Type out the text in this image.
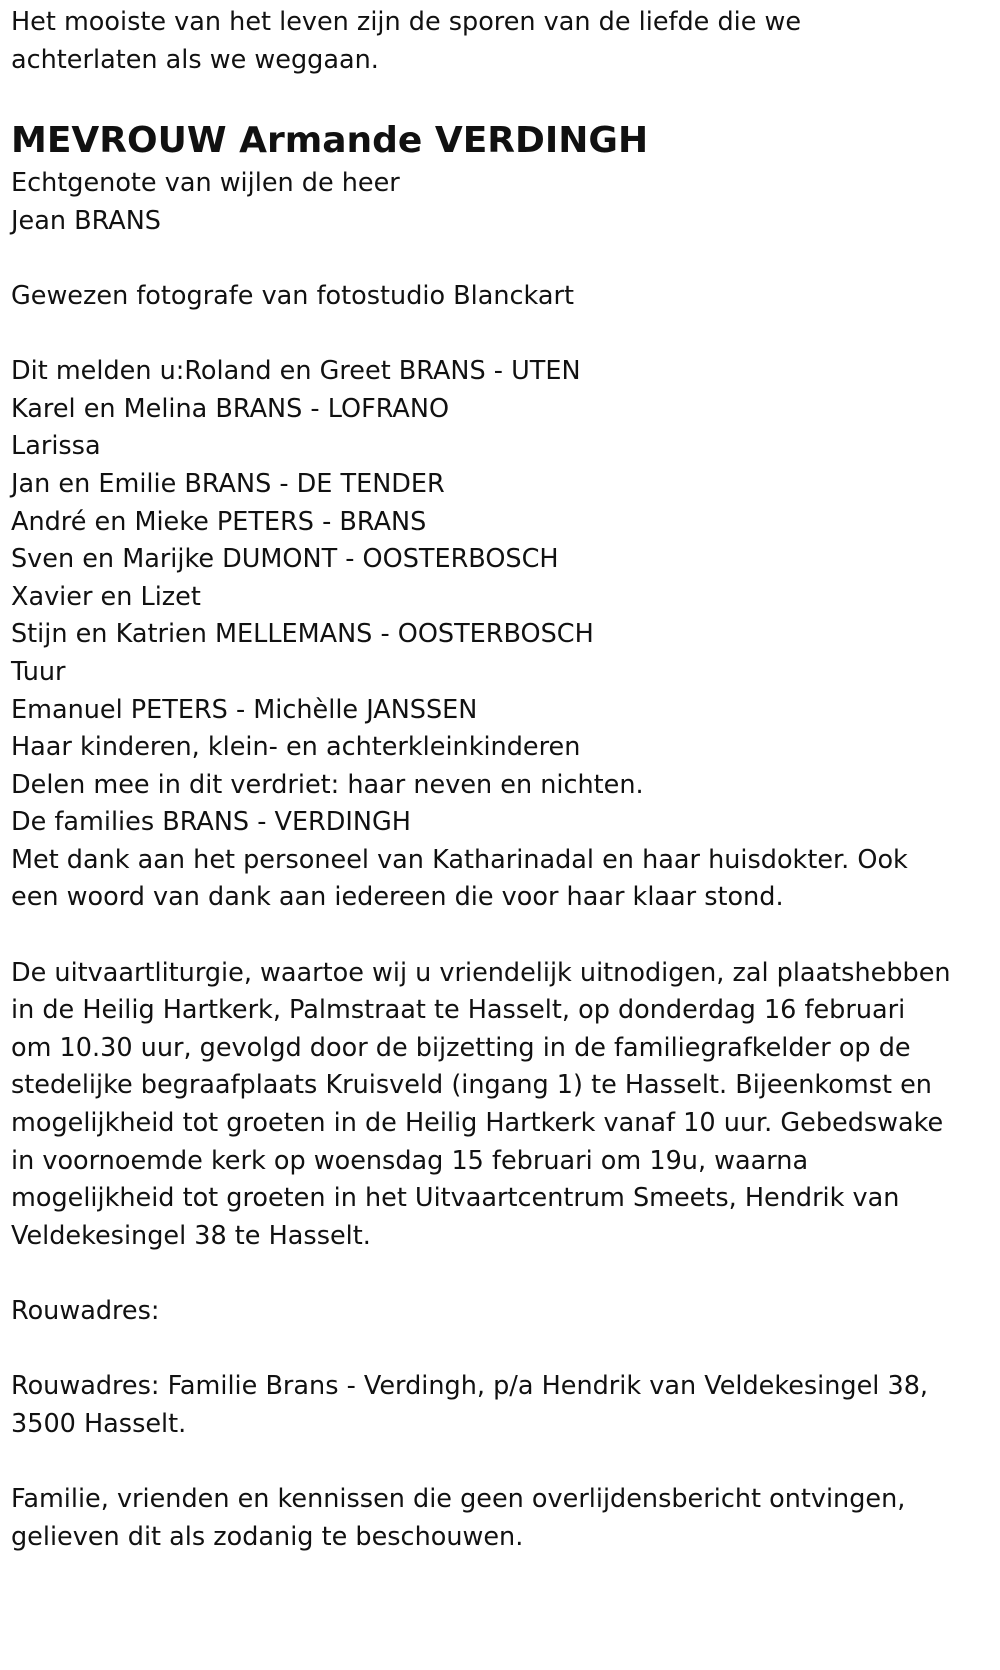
Het mooiste van het leven zijn de sporen van de liefde die we
achterlaten als we weggaan.

MEVROUW Armande VERDINGH

Echtgenote van wijlen de heer
Jean BRANS

Gewezen fotografe van fotostudio Blanckart

Dit melden u:Roland en Greet BRANS - UTEN
Karel en Melina BRANS - LOFRANO
Larissa
Jan en Emilie BRANS - DE TENDER
André en Mieke PETERS - BRANS
Sven en Marijke DUMONT - OOSTERBOSCH
Xavier en Lizet
Stijn en Katrien MELLEMANS - OOSTERBOSCH
Tuur
Emanuel PETERS - Michèlle JANSSEN
Haar kinderen, klein- en achterkleinkinderen
Delen mee in dit verdriet: haar neven en nichten.
De families BRANS - VERDINGH
Met dank aan het personeel van Katharinadal en haar huisdokter. Ook
een woord van dank aan iedereen die voor haar klaar stond.

De uitvaartliturgie, waartoe wij u vriendelijk uitnodigen, zal plaatshebben
in de Heilig Hartkerk, Palmstraat te Hasselt, op donderdag 16 februari
om 10.30 uur, gevolgd door de bijzetting in de familiegrafkelder op de
stedelijke begraafplaats Kruisveld (ingang 1) te Hasselt. Bijeenkomst en
mogelijkheid tot groeten in de Heilig Hartkerk vanaf 10 uur. Gebedswake
in voornoemde kerk op woensdag 15 februari om 19u, waarna
mogelijkheid tot groeten in het Uitvaartcentrum Smeets, Hendrik van
Veldekesingel 38 te Hasselt.

Rouwadres:

Rouwadres: Familie Brans - Verdingh, p/a Hendrik van Veldekesingel 38,
3500 Hasselt.

Familie, vrienden en kennissen die geen overlijdensbericht ontvingen,
gelieven dit als zodanig te beschouwen.
